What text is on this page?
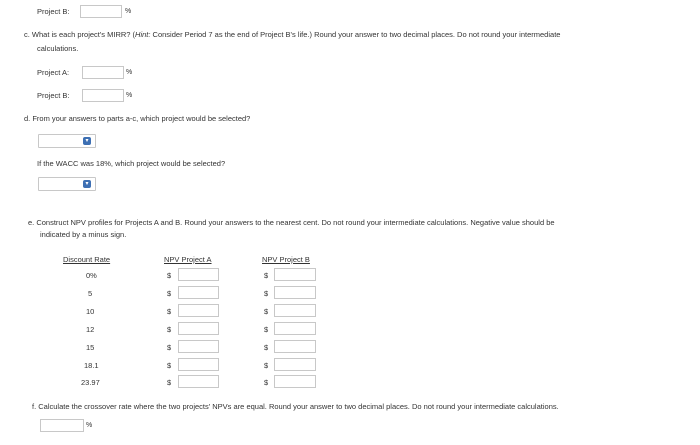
Project B:	%
c. What is each project's MIRR? (Hint: Consider Period 7 as the end of Project B's life.) Round your answer to two decimal places. Do not round your intermediate
calculations.
Project A:	%
Project B:	%
d. From your answers to parts a-c, which project would be selected?
▾
If the WACC was 18%, which project would be selected?
▾
e. Construct NPV profiles for Projects A and B. Round your answers to the nearest cent. Do not round your intermediate calculations. Negative value should be
indicated by a minus sign.
Discount Rate	NPV Project A	NPV Project B
0%	$	$
5	$	$
10	$	$
12	$	$
15	$	$
18.1	$	$
23.97	$	$
f. Calculate the crossover rate where the two projects' NPVs are equal. Round your answer to two decimal places. Do not round your intermediate calculations.
%
